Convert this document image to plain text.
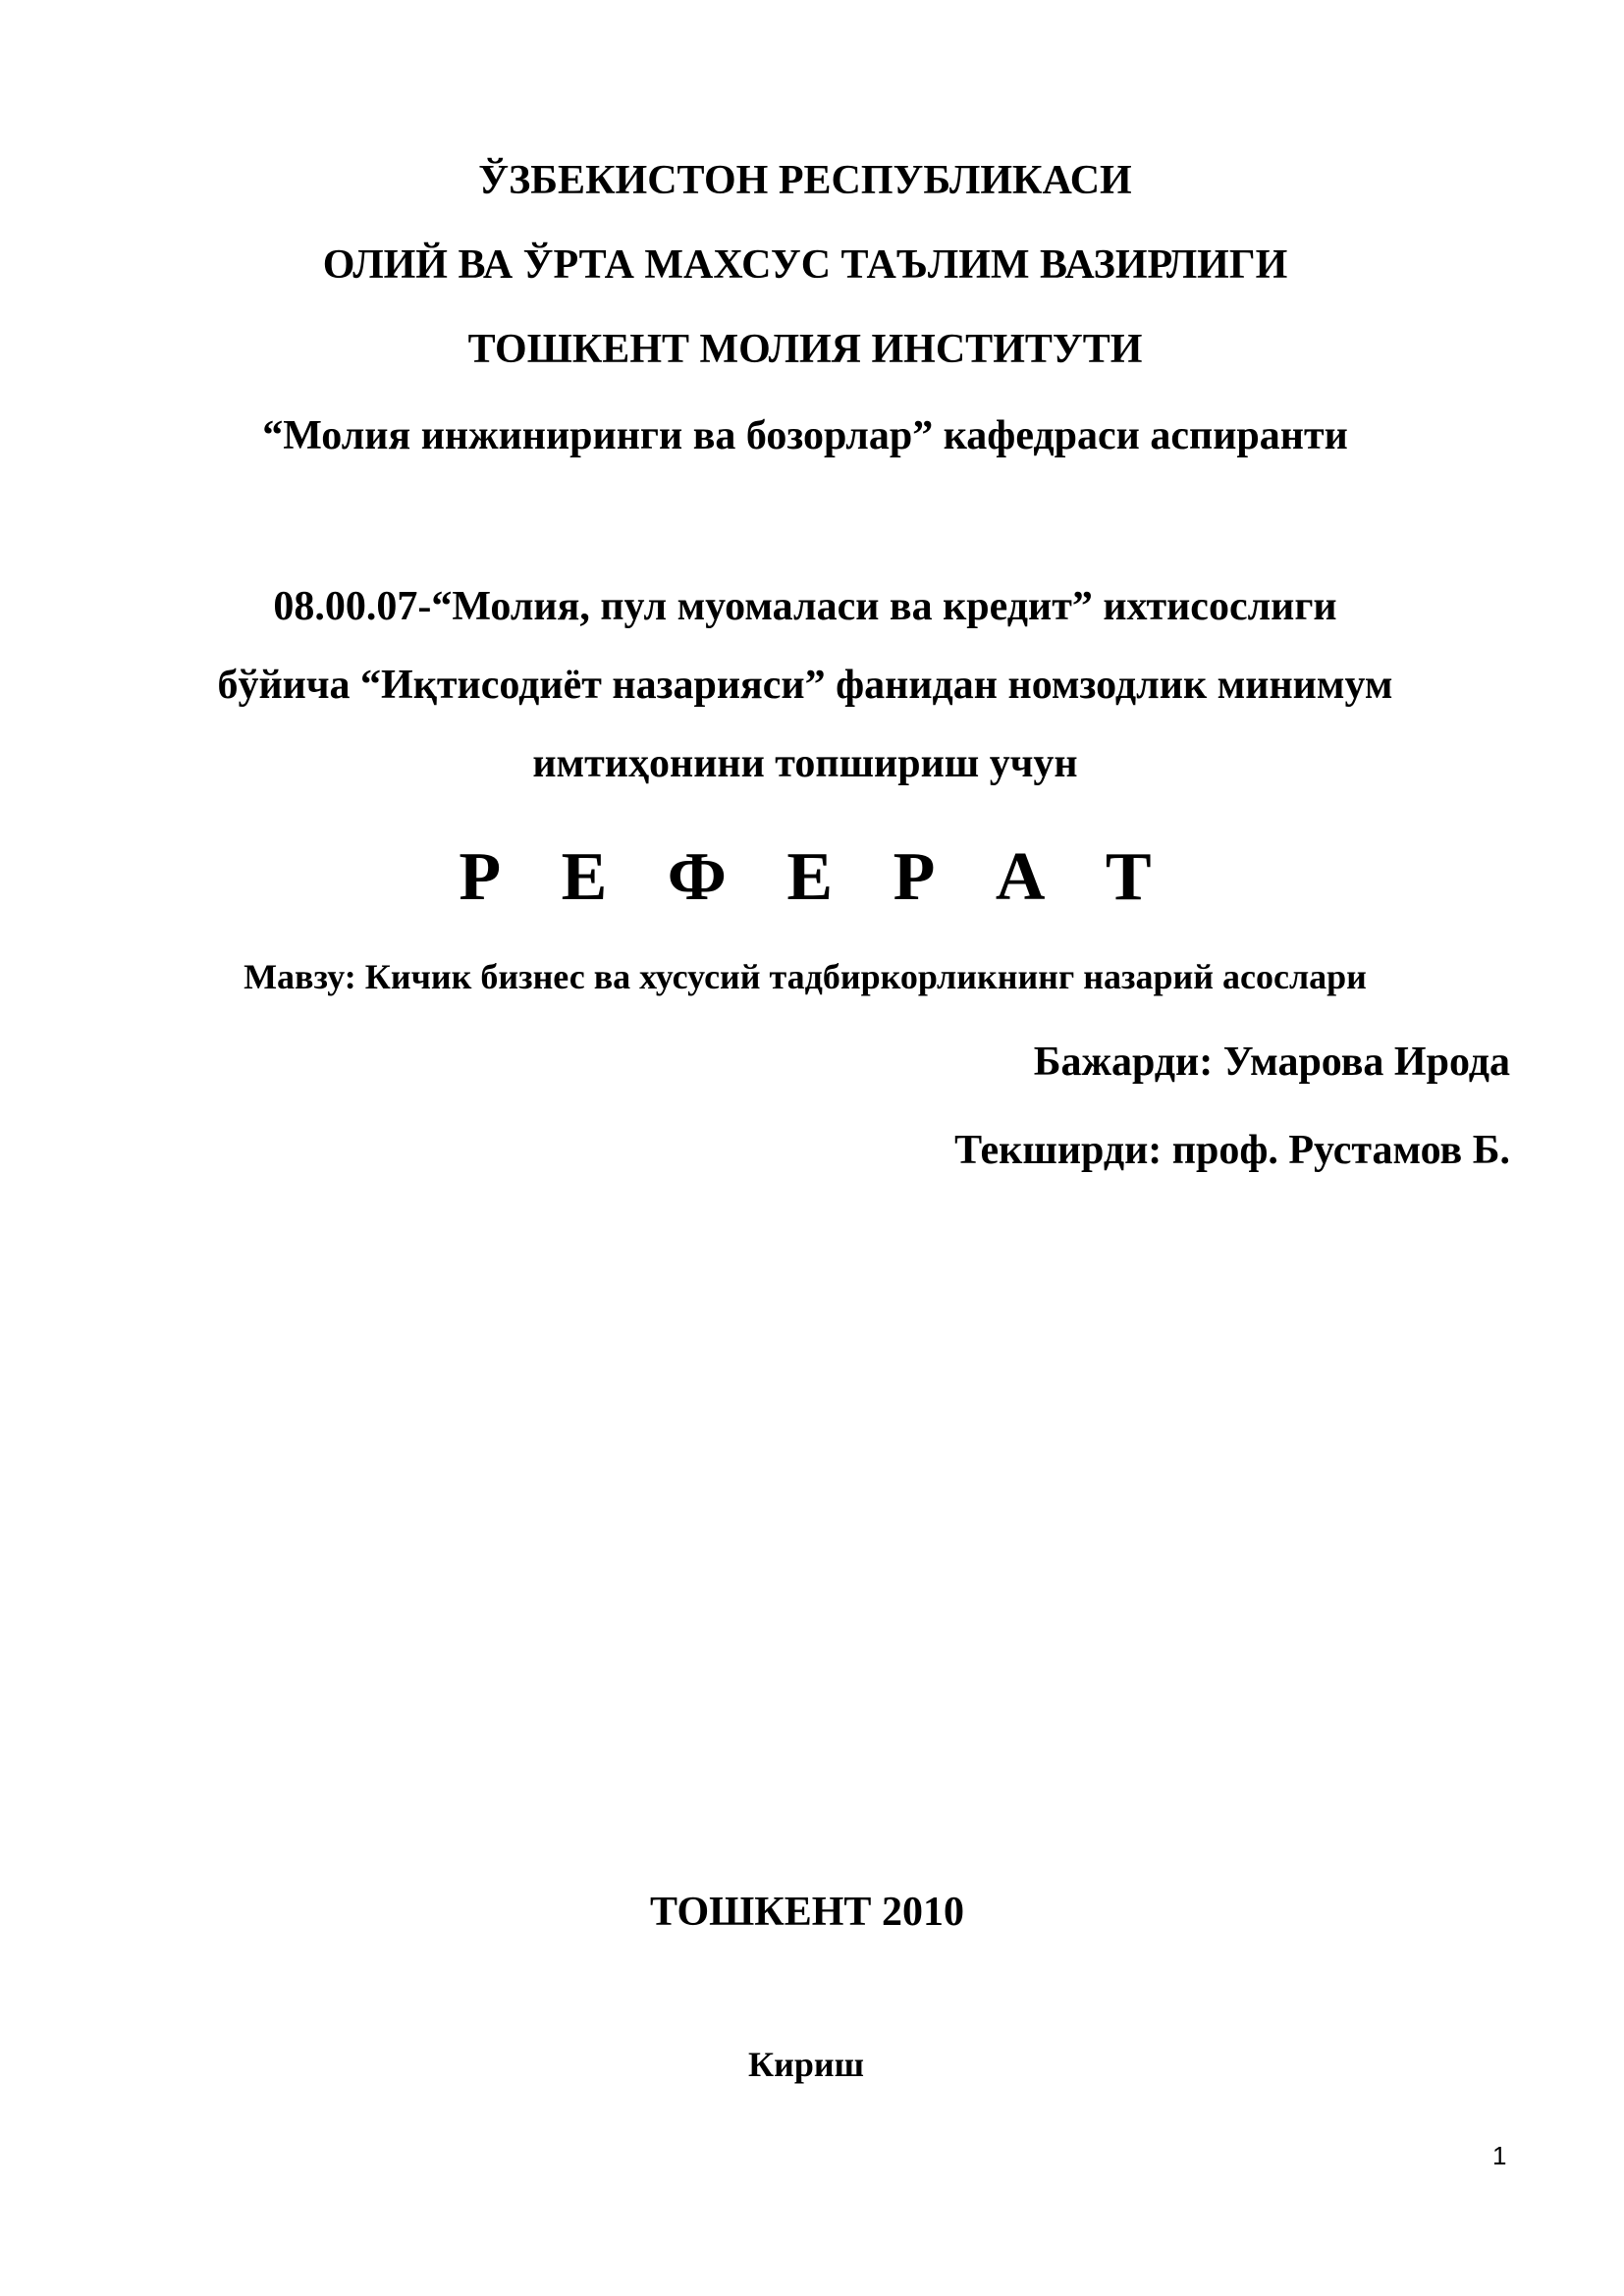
ЎЗБЕКИСТОН РЕСПУБЛИКАСИ
ОЛИЙ ВА ЎРТА МАХСУС ТАЪЛИМ ВАЗИРЛИГИ
ТОШКЕНТ МОЛИЯ ИНСТИТУТИ
“Молия инжиниринги ва бозорлар” кафедраси аспиранти
08.00.07-“Молия, пул муомаласи ва кредит” ихтисослиги
бўйича “Иқтисодиёт назарияси” фанидан номзодлик минимум
имтиҳонини топшириш учун
Р Е Ф Е Р А Т
Мавзу: Кичик бизнес ва хусусий тадбиркорликнинг назарий асослари
Бажарди: Умарова Ирода
Текширди: проф. Рустамов Б.
ТОШКЕНТ 2010
Кириш
1
